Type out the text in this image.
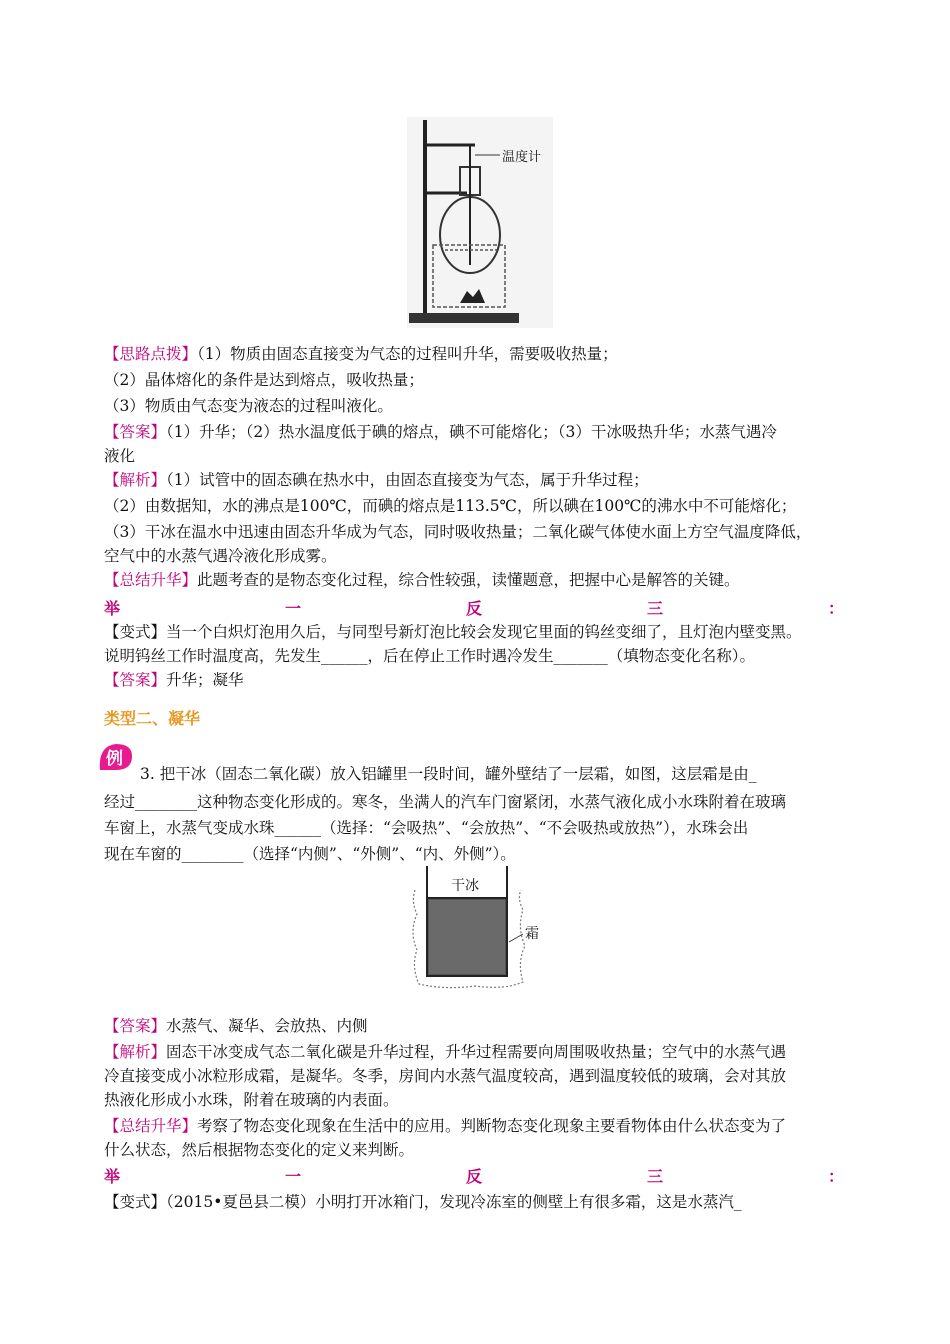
温度计
【思路点拨】（1）物质由固态直接变为气态的过程叫升华，需要吸收热量；
（2）晶体熔化的条件是达到熔点，吸收热量；
（3）物质由气态变为液态的过程叫液化。
【答案】（1）升华；（2）热水温度低于碘的熔点，碘不可能熔化；（3）干冰吸热升华；水蒸气遇冷
液化
【解析】（1）试管中的固态碘在热水中，由固态直接变为气态，属于升华过程；
（2）由数据知，水的沸点是100℃，而碘的熔点是113.5℃，所以碘在100℃的沸水中不可能熔化；
（3）干冰在温水中迅速由固态升华成为气态，同时吸收热量；二氧化碳气体使水面上方空气温度降低，
空气中的水蒸气遇冷液化形成雾。
【总结升华】此题考查的是物态变化过程，综合性较强，读懂题意，把握中心是解答的关键。
举	一	反	三	：
【变式】当一个白炽灯泡用久后，与同型号新灯泡比较会发现它里面的钨丝变细了，且灯泡内壁变黑。
说明钨丝工作时温度高，先发生______，后在停止工作时遇冷发生_______（填物态变化名称）。
【答案】升华；凝华
类型二、凝华
例
3. 把干冰（固态二氧化碳）放入铝罐里一段时间，罐外壁结了一层霜，如图，这层霜是由_
经过________这种物态变化形成的。寒冬，坐满人的汽车门窗紧闭，水蒸气液化成小水珠附着在玻璃
车窗上，水蒸气变成水珠______（选择：“会吸热”、“会放热”、“不会吸热或放热”），水珠会出
现在车窗的________（选择“内侧”、“外侧”、“内、外侧”）。
干冰
霜
【答案】水蒸气、凝华、会放热、内侧
【解析】固态干冰变成气态二氧化碳是升华过程，升华过程需要向周围吸收热量；空气中的水蒸气遇
冷直接变成小冰粒形成霜，是凝华。冬季，房间内水蒸气温度较高，遇到温度较低的玻璃，会对其放
热液化形成小水珠，附着在玻璃的内表面。
【总结升华】考察了物态变化现象在生活中的应用。判断物态变化现象主要看物体由什么状态变为了
什么状态，然后根据物态变化的定义来判断。
举	一	反	三	：
【变式】（2015•夏邑县二模）小明打开冰箱门，发现冷冻室的侧壁上有很多霜，这是水蒸汽_
